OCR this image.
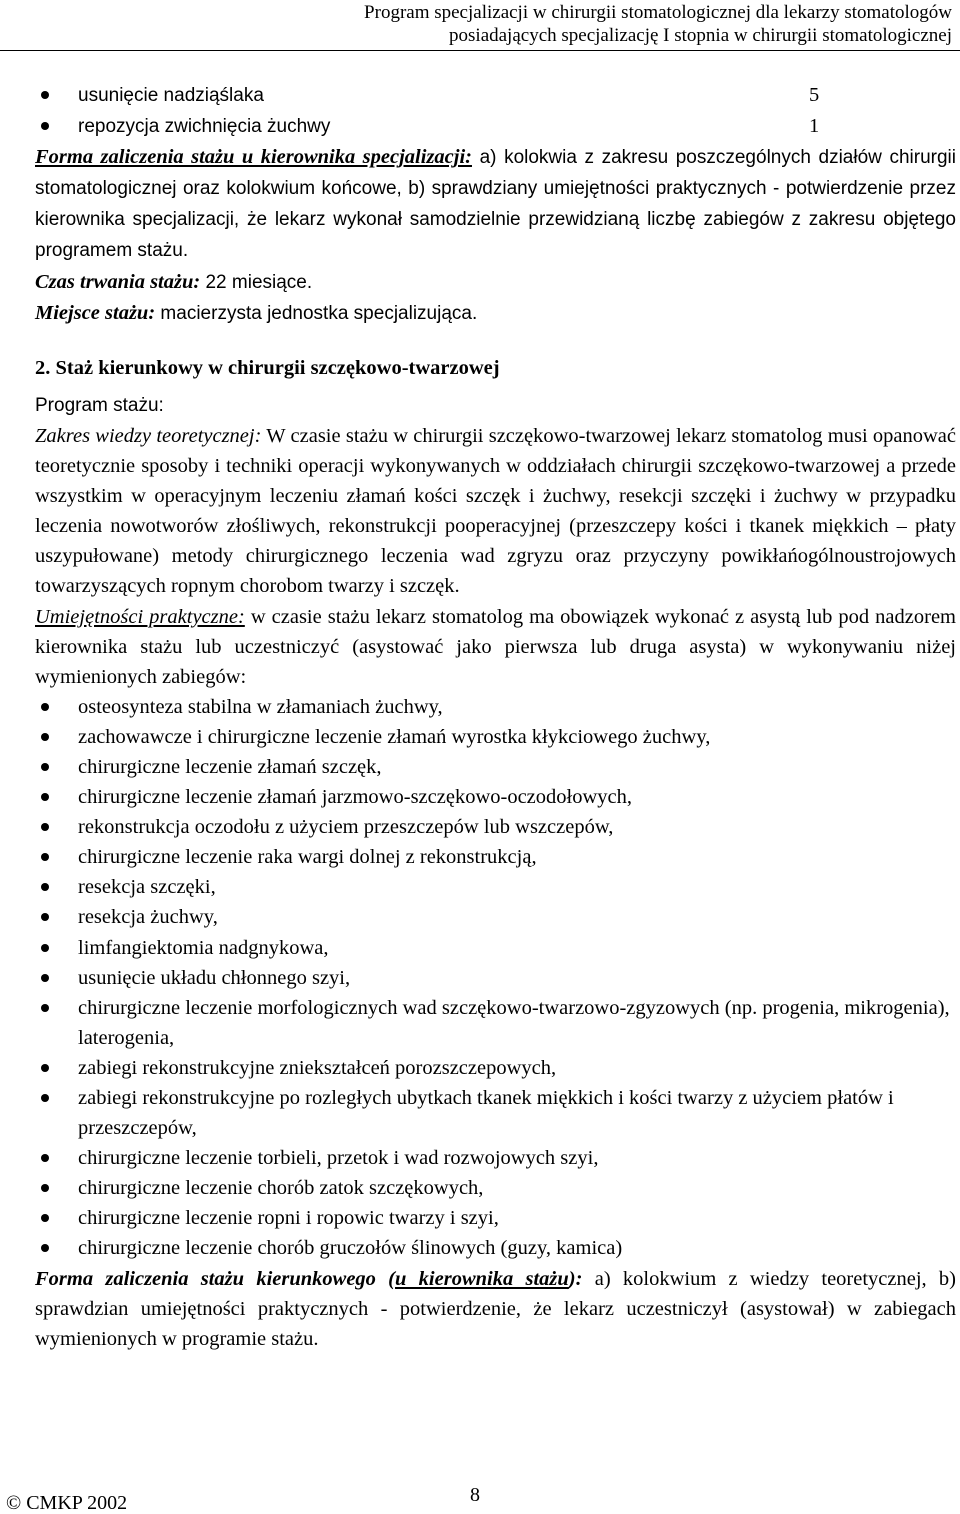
Program specjalizacji w chirurgii stomatologicznej dla lekarzy stomatologów
posiadających specjalizację I stopnia w chirurgii stomatologicznej
usunięcie nadziąślaka	5
repozycja zwichnięcia żuchwy	1

Forma zaliczenia stażu u kierownika specjalizacji: a) kolokwia z zakresu poszczególnych działów chirurgii stomatologicznej oraz kolokwium końcowe, b) sprawdziany umiejętności praktycznych - potwierdzenie przez kierownika specjalizacji, że lekarz wykonał samodzielnie przewidzianą liczbę zabiegów z zakresu objętego programem stażu.

Czas trwania stażu: 22 miesiące.

Miejsce stażu: macierzysta jednostka specjalizująca.

2. Staż kierunkowy w chirurgii szczękowo-twarzowej

Program stażu:

Zakres wiedzy teoretycznej: W czasie stażu w chirurgii szczękowo-twarzowej lekarz stomatolog musi opanować teoretycznie sposoby i techniki operacji wykonywanych w oddziałach chirurgii szczękowo-twarzowej a przede wszystkim w operacyjnym leczeniu złamań kości szczęk i żuchwy, resekcji szczęki i żuchwy w przypadku leczenia nowotworów złośliwych, rekonstrukcji pooperacyjnej (przeszczepy kości i tkanek miękkich – płaty uszypułowane) metody chirurgicznego leczenia wad zgryzu oraz przyczyny powikłańogólnoustrojowych towarzyszących ropnym chorobom twarzy i szczęk.

Umiejętności praktyczne: w czasie stażu lekarz stomatolog ma obowiązek wykonać z asystą lub pod nadzorem kierownika stażu lub uczestniczyć (asystować jako pierwsza lub druga asysta) w wykonywaniu niżej wymienionych zabiegów:

osteosynteza stabilna w złamaniach żuchwy,
zachowawcze i chirurgiczne leczenie złamań wyrostka kłykciowego żuchwy,
chirurgiczne leczenie złamań szczęk,
chirurgiczne leczenie złamań jarzmowo-szczękowo-oczodołowych,
rekonstrukcja oczodołu z użyciem przeszczepów lub wszczepów,
chirurgiczne leczenie raka wargi dolnej z rekonstrukcją,
resekcja szczęki,
resekcja żuchwy,
limfangiektomia nadgnykowa,
usunięcie układu chłonnego szyi,
chirurgiczne leczenie morfologicznych wad szczękowo-twarzowo-zgyzowych (np. progenia, mikrogenia), laterogenia,
zabiegi rekonstrukcyjne zniekształceń porozszczepowych,
zabiegi rekonstrukcyjne po rozległych ubytkach tkanek miękkich i kości twarzy z użyciem płatów i przeszczepów,
chirurgiczne leczenie torbieli, przetok i wad rozwojowych szyi,
chirurgiczne leczenie chorób zatok szczękowych,
chirurgiczne leczenie ropni i ropowic twarzy i szyi,
chirurgiczne leczenie chorób gruczołów ślinowych (guzy, kamica)

Forma zaliczenia stażu kierunkowego (u kierownika stażu): a) kolokwium z wiedzy teoretycznej, b) sprawdzian umiejętności praktycznych - potwierdzenie, że lekarz uczestniczył (asystował) w zabiegach wymienionych w programie stażu.

© CMKP 2002	8
